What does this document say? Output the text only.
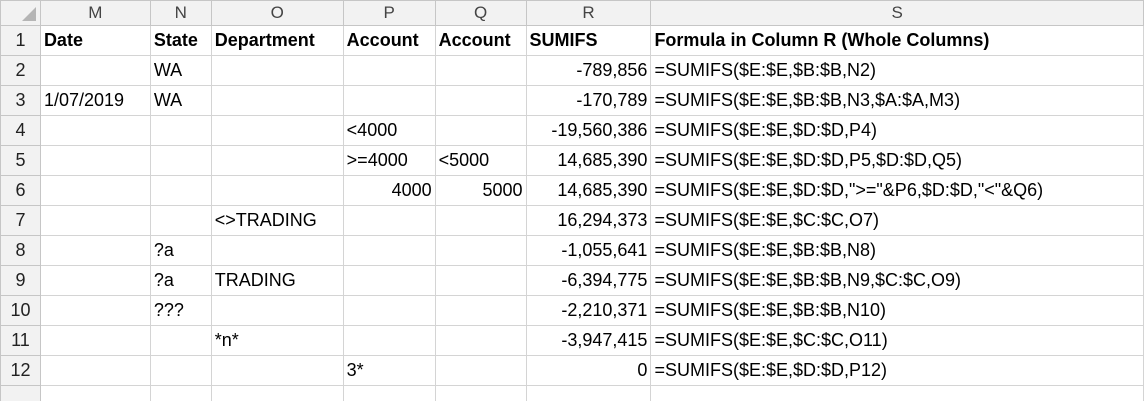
	M	N	O	P	Q	R	S
1	Date	State	Department	Account	Account	SUMIFS	Formula in Column R (Whole Columns)
2		WA				-789,856	=SUMIFS($E:$E,$B:$B,N2)
3	1/07/2019	WA				-170,789	=SUMIFS($E:$E,$B:$B,N3,$A:$A,M3)
4				<4000		-19,560,386	=SUMIFS($E:$E,$D:$D,P4)
5				>=4000	<5000	14,685,390	=SUMIFS($E:$E,$D:$D,P5,$D:$D,Q5)
6				4000	5000	14,685,390	=SUMIFS($E:$E,$D:$D,">="&P6,$D:$D,"<"&Q6)
7			<>TRADING			16,294,373	=SUMIFS($E:$E,$C:$C,O7)
8		?a				-1,055,641	=SUMIFS($E:$E,$B:$B,N8)
9		?a	TRADING			-6,394,775	=SUMIFS($E:$E,$B:$B,N9,$C:$C,O9)
10		???				-2,210,371	=SUMIFS($E:$E,$B:$B,N10)
11			*n*			-3,947,415	=SUMIFS($E:$E,$C:$C,O11)
12				3*		0	=SUMIFS($E:$E,$D:$D,P12)
